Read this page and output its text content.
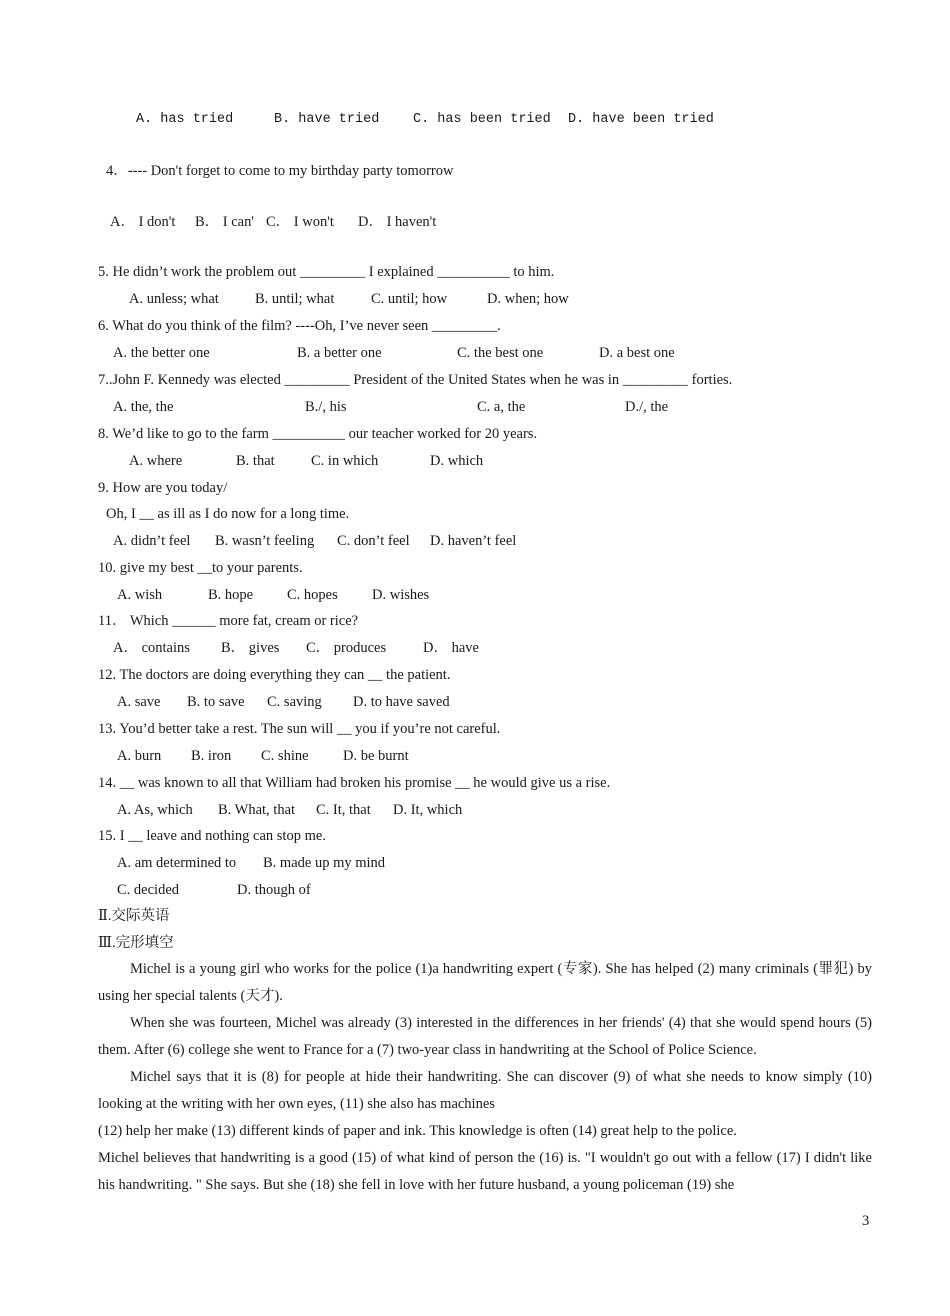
A. has tried	B. have tried C. has been tried D. have been tried
4．---- Don't forget to come to my birthday party tomorrow
A． I don't B． I can' C． I won't D． I haven't
5. He didn’t work the problem out _________ I explained __________ to him.
A. unless; what B. until; what	C. until; how	D. when; how
6. What do you think of the film? ----Oh, I’ve never seen _________.
A. the better one	B. a better one	C. the best one	D. a best one
7..John F. Kennedy was elected _________ President of the United States when he was in _________ forties.
A. the, the	B./, his	C. a, the	D./, the
8. We’d like to go to the farm __________ our teacher worked for 20 years.
A. where	B. that	C. in which	D. which
9. How are you today/
Oh, I __ as ill as I do now for a long time.
A. didn’t feel B. wasn’t feeling C. don’t feel D. haven’t feel
10. give my best __to your parents.
A. wish	B. hope C. hopes D. wishes
11． Which ______ more fat, cream or rice?
A． contains B． gives C． produces	D． have
12. The doctors are doing everything they can __ the patient.
A. save B. to save C. saving D. to have saved
13. You’d better take a rest. The sun will __ you if you’re not careful.
A. burn B. iron C. shine D. be burnt
14. __ was known to all that William had broken his promise __ he would give us a rise.
A. As, which B. What, that C. It, that D. It, which
15. I __ leave and nothing can stop me.
A. am determined to B. made up my mind
C. decided	D. though of
Ⅱ.交际英语
Ⅲ.完形填空
Michel is a young girl who works for the police (1)a handwriting expert (专家). She has helped (2) many criminals (罪犯) by using her special talents (天才).
When she was fourteen, Michel was already (3) interested in the differences in her friends' (4) that she would spend hours (5) them. After (6) college she went to France for a (7) two-year class in handwriting at the School of Police Science.
Michel says that it is (8) for people at hide their handwriting. She can discover (9) of what she needs to know simply (10) looking at the writing with her own eyes, (11) she also has machines
(12) help her make (13) different kinds of paper and ink. This knowledge is often (14) great help to the police.
Michel believes that handwriting is a good (15) of what kind of person the (16) is. "I wouldn't go out with a fellow (17) I didn't like his handwriting. " She says. But she (18) she fell in love with her future husband, a young policeman (19) she
3
